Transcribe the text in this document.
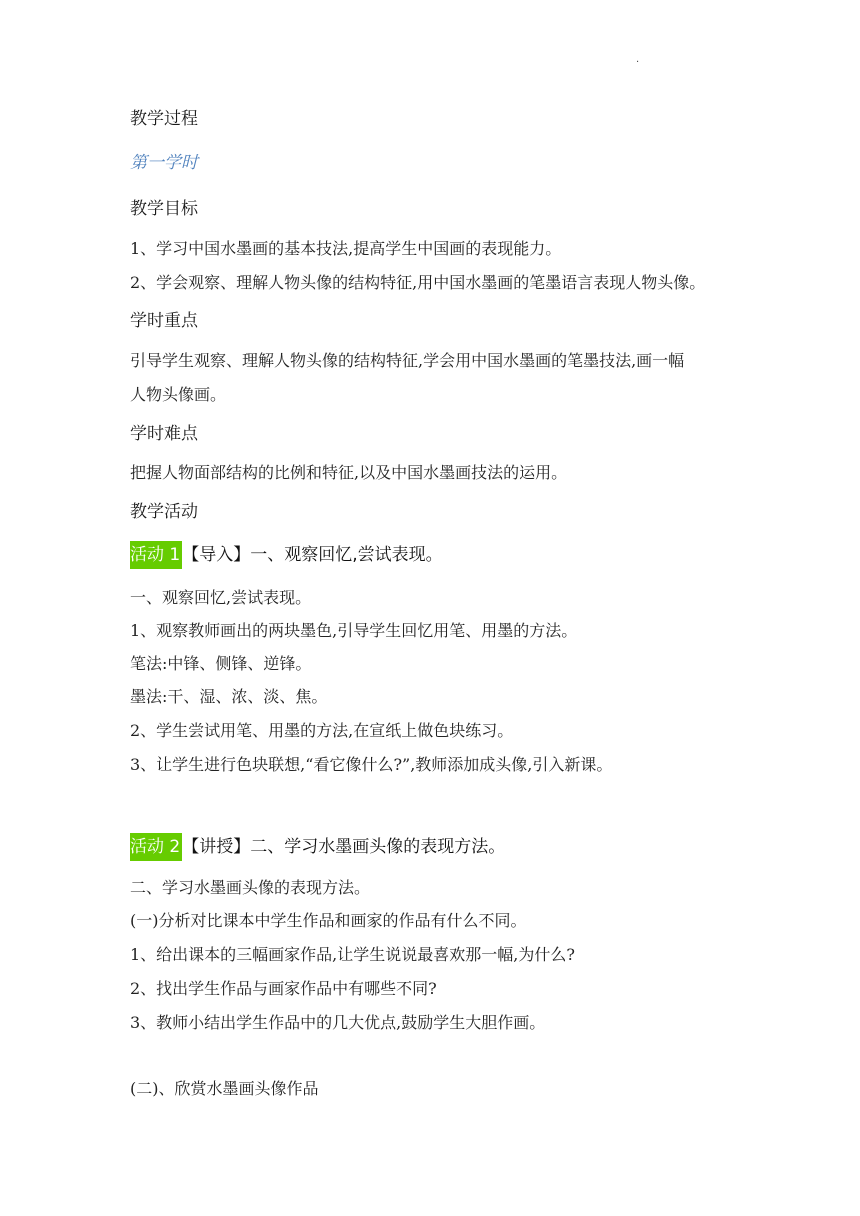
.
教学过程
第一学时
教学目标
1、学习中国水墨画的基本技法,提高学生中国画的表现能力。
2、学会观察、理解人物头像的结构特征,用中国水墨画的笔墨语言表现人物头像。
学时重点
引导学生观察、理解人物头像的结构特征,学会用中国水墨画的笔墨技法,画一幅
人物头像画。
学时难点
把握人物面部结构的比例和特征,以及中国水墨画技法的运用。
教学活动
活动 1 【导入】一、观察回忆,尝试表现。
一、观察回忆,尝试表现。
1、观察教师画出的两块墨色,引导学生回忆用笔、用墨的方法。
笔法:中锋、侧锋、逆锋。
墨法:干、湿、浓、淡、焦。
2、学生尝试用笔、用墨的方法,在宣纸上做色块练习。
3、让学生进行色块联想,“看它像什么?”,教师添加成头像,引入新课。
活动 2 【讲授】二、学习水墨画头像的表现方法。
二、学习水墨画头像的表现方法。
(一)分析对比课本中学生作品和画家的作品有什么不同。
1、给出课本的三幅画家作品,让学生说说最喜欢那一幅,为什么?
2、找出学生作品与画家作品中有哪些不同?
3、教师小结出学生作品中的几大优点,鼓励学生大胆作画。
(二)、欣赏水墨画头像作品
